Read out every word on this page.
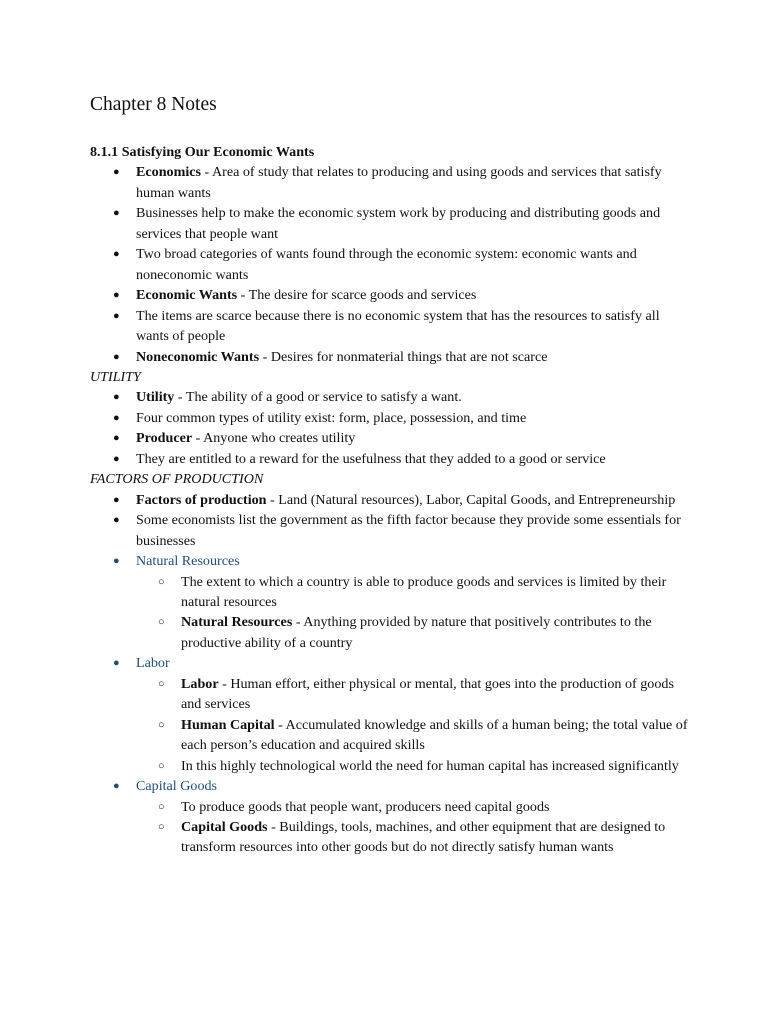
Chapter 8 Notes
8.1.1 Satisfying Our Economic Wants
● Economics - Area of study that relates to producing and using goods and services that satisfy human wants
● Businesses help to make the economic system work by producing and distributing goods and services that people want
● Two broad categories of wants found through the economic system: economic wants and noneconomic wants
● Economic Wants - The desire for scarce goods and services
● The items are scarce because there is no economic system that has the resources to satisfy all wants of people
● Noneconomic Wants - Desires for nonmaterial things that are not scarce
UTILITY
● Utility - The ability of a good or service to satisfy a want.
● Four common types of utility exist: form, place, possession, and time
● Producer - Anyone who creates utility
● They are entitled to a reward for the usefulness that they added to a good or service
FACTORS OF PRODUCTION
● Factors of production - Land (Natural resources), Labor, Capital Goods, and Entrepreneurship
● Some economists list the government as the fifth factor because they provide some essentials for businesses
● Natural Resources
○ The extent to which a country is able to produce goods and services is limited by their natural resources
○ Natural Resources - Anything provided by nature that positively contributes to the productive ability of a country
● Labor
○ Labor - Human effort, either physical or mental, that goes into the production of goods and services
○ Human Capital - Accumulated knowledge and skills of a human being; the total value of each person’s education and acquired skills
○ In this highly technological world the need for human capital has increased significantly
● Capital Goods
○ To produce goods that people want, producers need capital goods
○ Capital Goods - Buildings, tools, machines, and other equipment that are designed to transform resources into other goods but do not directly satisfy human wants
